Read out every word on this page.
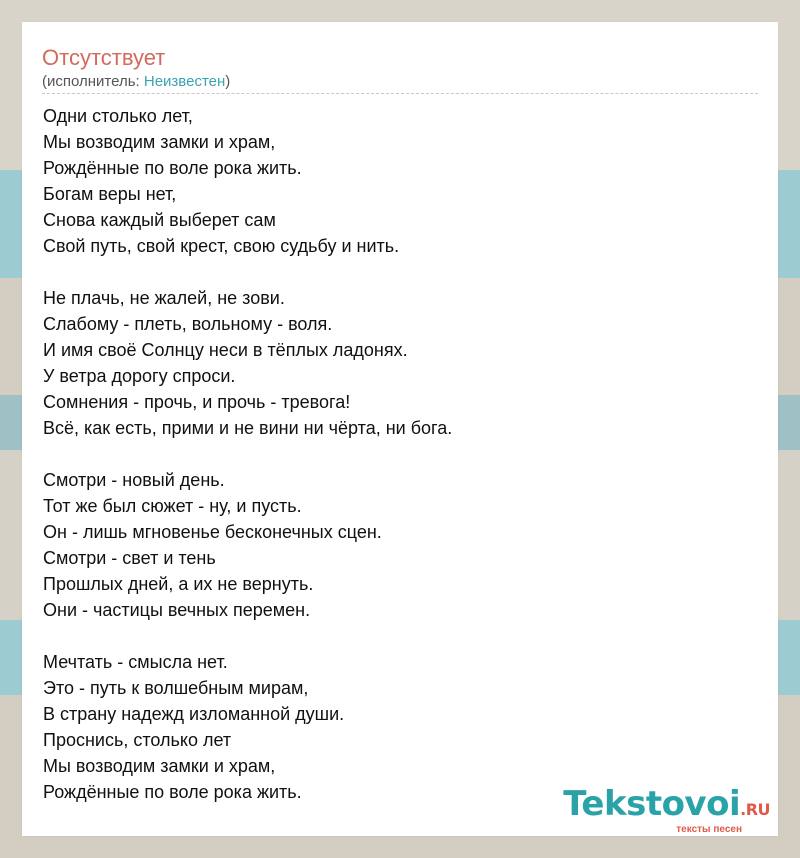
Отсутствует
(исполнитель: Неизвестен)
Одни столько лет,
Мы возводим замки и храм,
Рождённые по воле рока жить.
Богам веры нет,
Снова каждый выберет сам
Свой путь, свой крест, свою судьбу и нить.
Не плачь, не жалей, не зови.
Слабому - плеть, вольному - воля.
И имя своё Солнцу неси в тёплых ладонях.
У ветра дорогу спроси.
Сомнения - прочь, и прочь - тревога!
Всё, как есть, прими и не вини ни чёрта, ни бога.
Смотри - новый день.
Тот же был сюжет - ну, и пусть.
Он - лишь мгновенье бесконечных сцен.
Смотри - свет и тень
Прошлых дней, а их не вернуть.
Они - частицы вечных перемен.
Мечтать - смысла нет.
Это - путь к волшебным мирам,
В страну надежд изломанной души.
Проснись, столько лет
Мы возводим замки и храм,
Рождённые по воле рока жить.	Tekstovoi.RU
тексты песен
